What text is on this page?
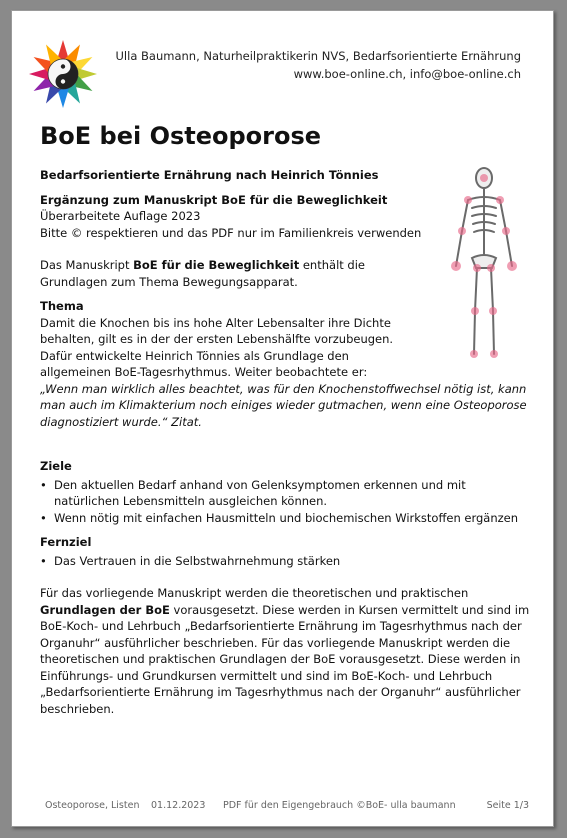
Ulla Baumann, Naturheilpraktikerin NVS, Bedarfsorientierte Ernährung
www.boe-online.ch, info@boe-online.ch
BoE bei Osteoporose

Bedarfsorientierte Ernährung nach Heinrich Tönnies

Ergänzung zum Manuskript BoE für die Beweglichkeit

Überarbeitete Auflage 2023

Bitte © respektieren und das PDF nur im Familienkreis verwenden

Das Manuskript BoE für die Beweglichkeit enthält die Grundlagen zum Thema Bewegungsapparat.

Thema

Damit die Knochen bis ins hohe Alter Lebensalter ihre Dichte behalten, gilt es in der der ersten Lebenshälfte vorzubeugen. Dafür entwickelte Heinrich Tönnies als Grundlage den allgemeinen BoE-Tagesrhythmus. Weiter beobachtete er:

„Wenn man wirklich alles beachtet, was für den Knochenstoffwechsel nötig ist, kann man auch im Klimakterium noch einiges wieder gutmachen, wenn eine Osteoporose diagnostiziert wurde.“ Zitat.

Ziele

• Den aktuellen Bedarf anhand von Gelenksymptomen erkennen und mit natürlichen Lebensmitteln ausgleichen können.
• Wenn nötig mit einfachen Hausmitteln und biochemischen Wirkstoffen ergänzen

Fernziel

• Das Vertrauen in die Selbstwahrnehmung stärken

Für das vorliegende Manuskript werden die theoretischen und praktischen Grundlagen der BoE vorausgesetzt. Diese werden in Kursen vermittelt und sind im BoE-Koch- und Lehrbuch „Bedarfsorientierte Ernährung im Tagesrhythmus nach der Organuhr“ ausführlicher beschrieben. Für das vorliegende Manuskript werden die theoretischen und praktischen Grundlagen der BoE vorausgesetzt. Diese werden in Einführungs- und Grundkursen vermittelt und sind im BoE-Koch- und Lehrbuch „Bedarfsorientierte Ernährung im Tagesrhythmus nach der Organuhr“ ausführlicher beschrieben.

Osteoporose, Listen 01.12.2023 PDF für den Eigengebrauch ©BoE- ulla baumann	Seite 1/3
